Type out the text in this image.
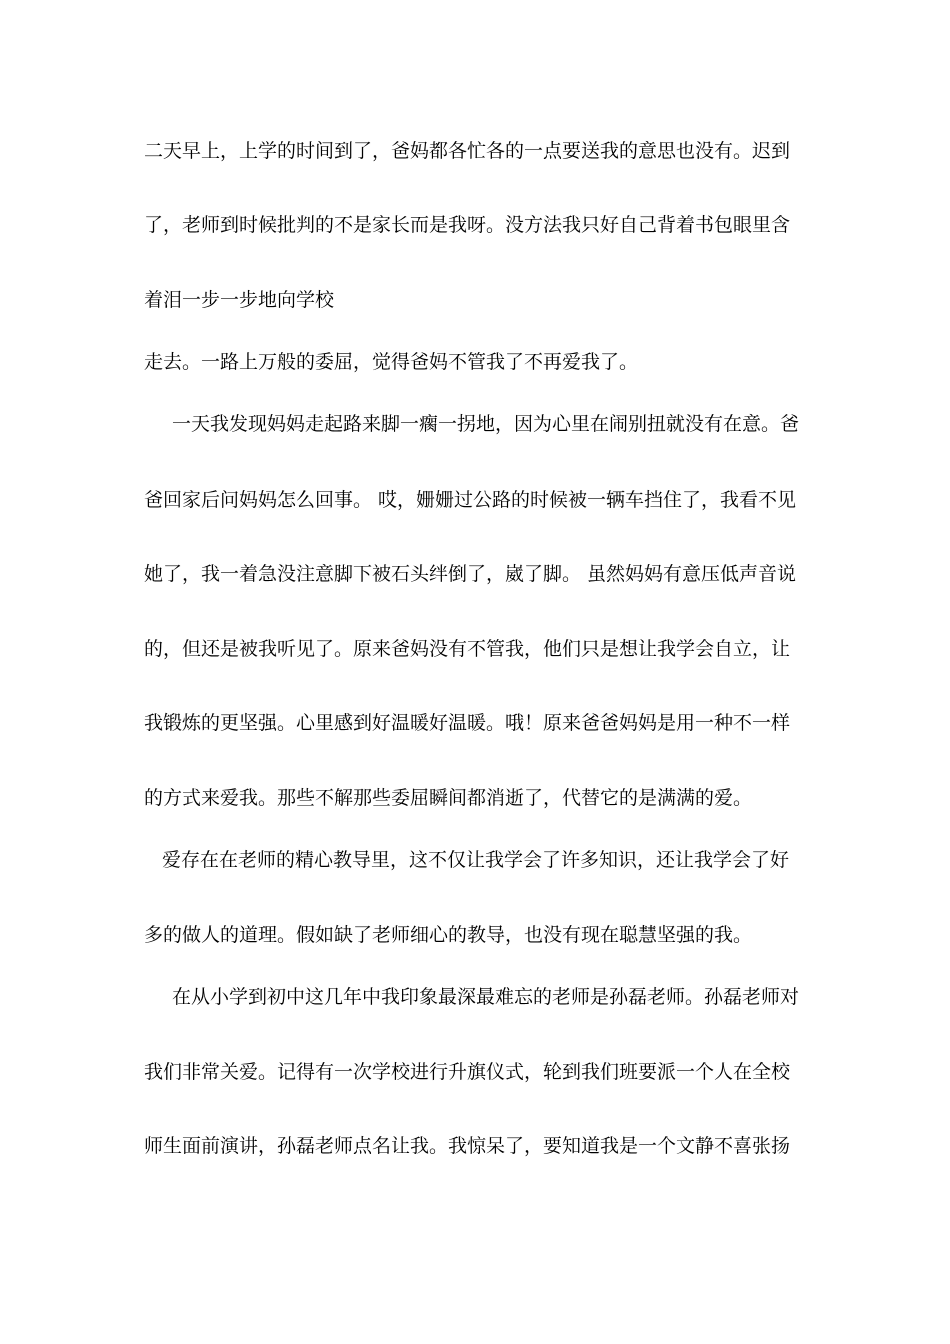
二天早上，上学的时间到了，爸妈都各忙各的一点要送我的意思也没有。迟到
了，老师到时候批判的不是家长而是我呀。没方法我只好自己背着书包眼里含
着泪一步一步地向学校
走去。一路上万般的委屈，觉得爸妈不管我了不再爱我了。
一天我发现妈妈走起路来脚一瘸一拐地，因为心里在闹别扭就没有在意。爸
爸回家后问妈妈怎么回事。 哎，姗姗过公路的时候被一辆车挡住了，我看不见
她了，我一着急没注意脚下被石头绊倒了，崴了脚。 虽然妈妈有意压低声音说
的，但还是被我听见了。原来爸妈没有不管我，他们只是想让我学会自立，让
我锻炼的更坚强。心里感到好温暖好温暖。哦！原来爸爸妈妈是用一种不一样
的方式来爱我。那些不解那些委屈瞬间都消逝了，代替它的是满满的爱。
爱存在在老师的精心教导里，这不仅让我学会了许多知识，还让我学会了好
多的做人的道理。假如缺了老师细心的教导，也没有现在聪慧坚强的我。
在从小学到初中这几年中我印象最深最难忘的老师是孙磊老师。孙磊老师对
我们非常关爱。记得有一次学校进行升旗仪式，轮到我们班要派一个人在全校
师生面前演讲，孙磊老师点名让我。我惊呆了，要知道我是一个文静不喜张扬
